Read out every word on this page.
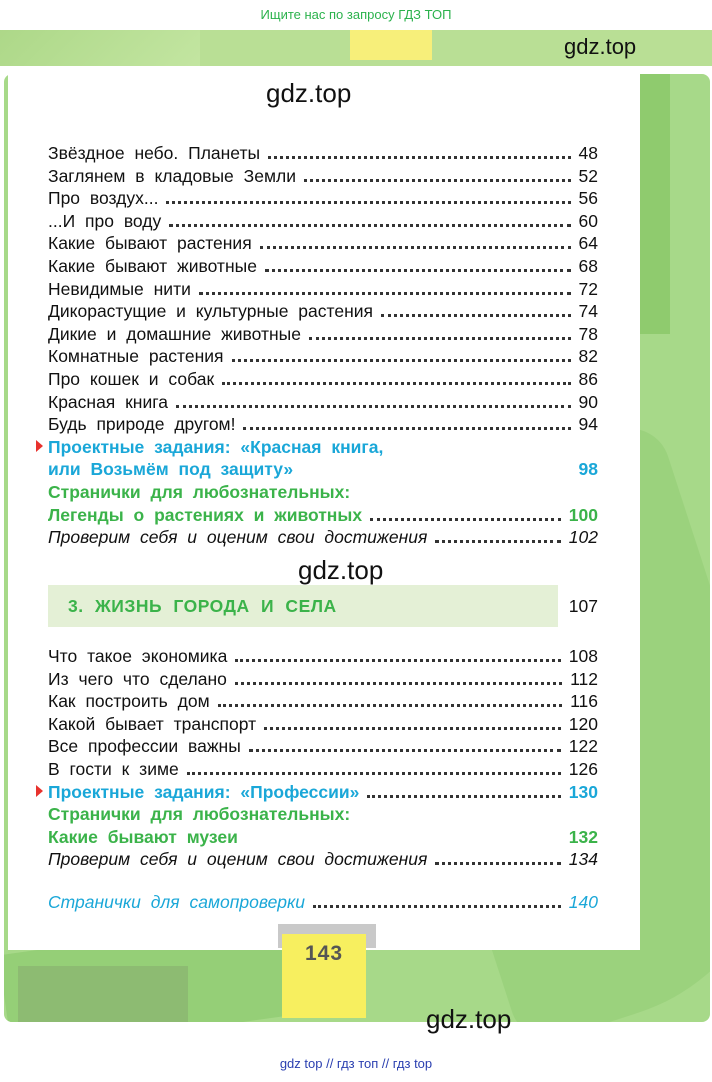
Ищите нас по запросу ГДЗ ТОП
gdz.top
gdz.top
Звёздное небо. Планеты	48
Заглянем в кладовые Земли	52
Про воздух...	56
...И про воду	60
Какие бывают растения	64
Какие бывают животные	68
Невидимые нити	72
Дикорастущие и культурные растения	74
Дикие и домашние животные	78
Комнатные растения	82
Про кошек и собак	86
Красная книга	90
Будь природе другом!	94
Проектные задания: «Красная книга,
или Возьмём под защиту»	98
Странички для любознательных:
Легенды о растениях и животных	100
Проверим себя и оценим свои достижения	102
gdz.top
3. ЖИЗНЬ ГОРОДА И СЕЛА	107
Что такое экономика	108
Из чего что сделано	112
Как построить дом	116
Какой бывает транспорт	120
Все профессии важны	122
В гости к зиме	126
Проектные задания: «Профессии»	130
Странички для любознательных:
Какие бывают музеи	132
Проверим себя и оценим свои достижения	134
Странички для самопроверки	140
143
gdz.top
gdz top // гдз топ // гдз top
